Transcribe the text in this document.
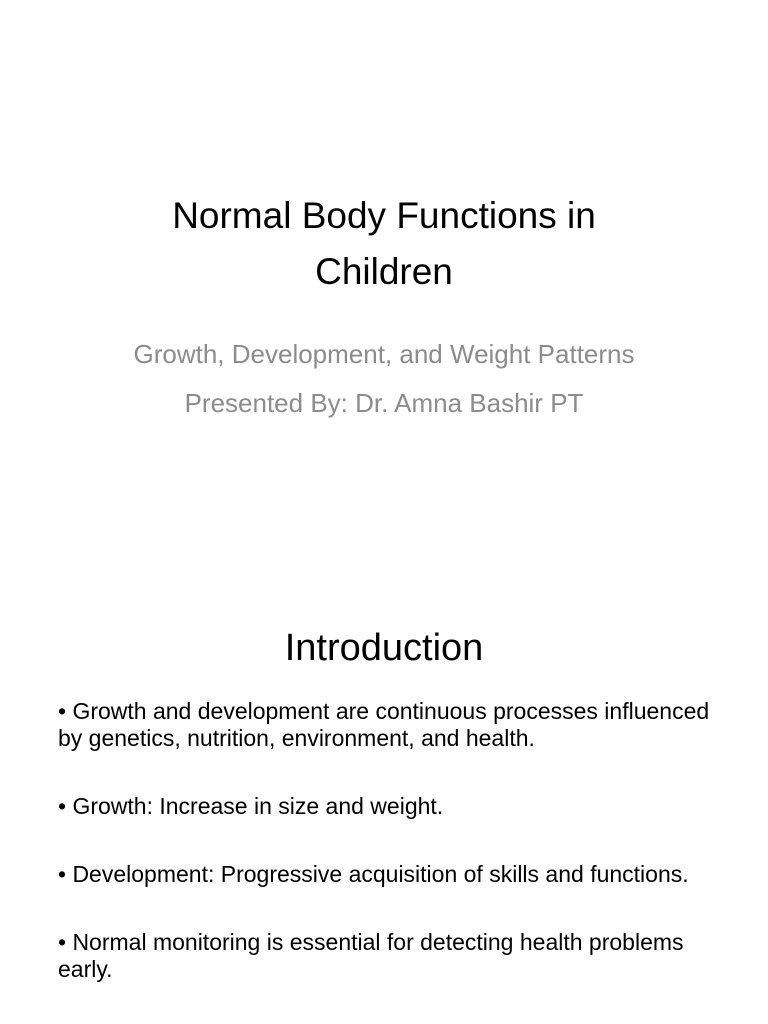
Normal Body Functions in
Children
Growth, Development, and Weight Patterns
Presented By: Dr. Amna Bashir PT
Introduction
• Growth and development are continuous processes influenced by genetics, nutrition, environment, and health.
• Growth: Increase in size and weight.
• Development: Progressive acquisition of skills and functions.
• Normal monitoring is essential for detecting health problems early.
